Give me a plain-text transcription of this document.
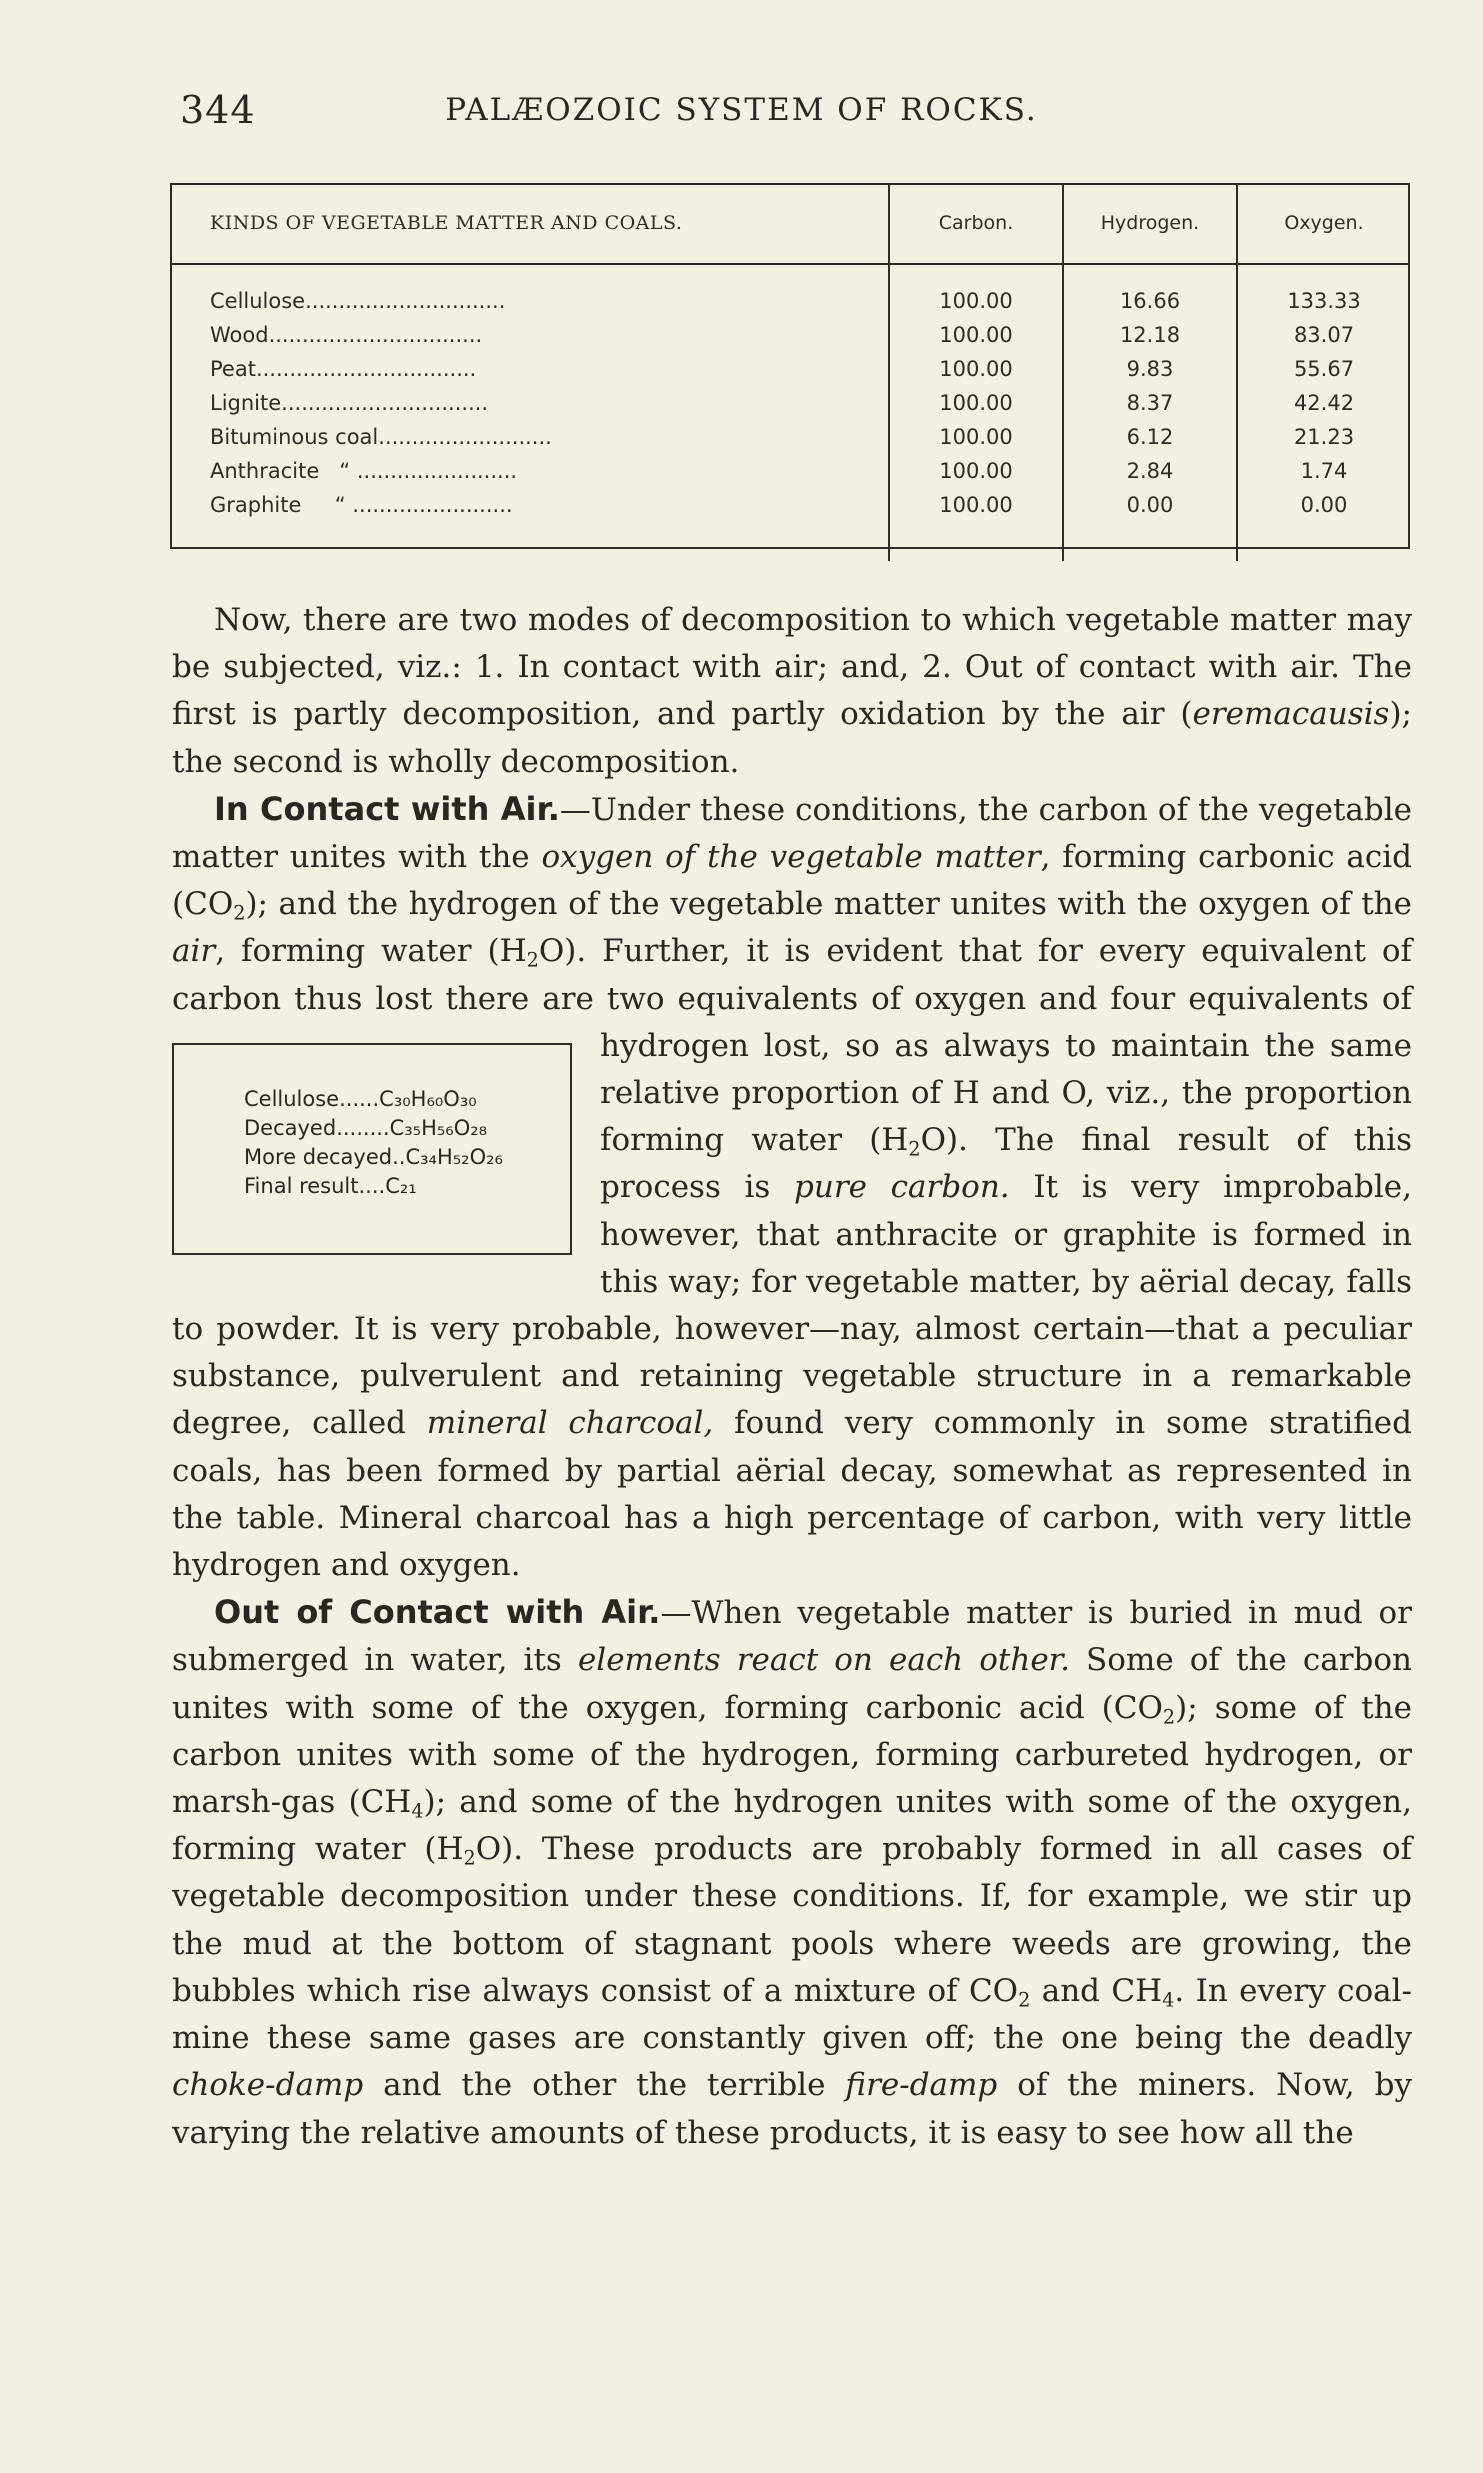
344	PALÆOZOIC SYSTEM OF ROCKS.
KINDS OF VEGETABLE MATTER AND COALS.	Carbon.	Hydrogen.	Oxygen.
Cellulose..............................	100.00	16.66	133.33
Wood................................	100.00	12.18	83.07
Peat.................................	100.00	9.83	55.67
Lignite...............................	100.00	8.37	42.42
Bituminous coal..........................	100.00	6.12	21.23
Anthracite   “ ........................	100.00	2.84	1.74
Graphite     “ ........................	100.00	0.00	0.00

Now, there are two modes of decomposition to which vegetable matter may be subjected, viz.: 1. In contact with air; and, 2. Out of contact with air. The first is partly decomposition, and partly oxidation by the air (eremacausis); the second is wholly decomposition.

In Contact with Air.—Under these conditions, the carbon of the vegetable matter unites with the oxygen of the vegetable matter, forming carbonic acid $(CO_2)$; and the hydrogen of the vegetable matter unites with the oxygen of the air, forming water $(H_2O)$. Further, it is evident that for every equivalent of carbon thus lost there are two equivalents of oxygen and four equivalents of hydrogen lost, so as
Cellulose......C₃₀H₆₀O₃₀
Decayed........C₃₅H₅₆O₂₈
More decayed..C₃₄H₅₂O₂₆
Final result....C₂₁
always to maintain the same relative proportion of H and O, viz., the proportion forming water $(H_2O)$. The final result of this process is pure carbon. It is very improbable, however, that anthracite or graphite is formed in this way; for vegetable matter, by aërial decay, falls to powder. It is very probable, however—nay, almost certain—that a peculiar substance, pulverulent and retaining vegetable structure in a remarkable degree, called mineral charcoal, found very commonly in some stratified coals, has been formed by partial aërial decay, somewhat as represented in the table. Mineral charcoal has a high percentage of carbon, with very little hydrogen and oxygen.

Out of Contact with Air.—When vegetable matter is buried in mud or submerged in water, its elements react on each other. Some of the carbon unites with some of the oxygen, forming carbonic acid $(CO_2)$; some of the carbon unites with some of the hydrogen, forming carbureted hydrogen, or marsh-gas $(CH_4)$; and some of the hydrogen unites with some of the oxygen, forming water $(H_2O)$. These products are probably formed in all cases of vegetable decomposition under these conditions. If, for example, we stir up the mud at the bottom of stagnant pools where weeds are growing, the bubbles which rise always consist of a mixture of $CO_2$ and $CH_4$. In every coal-mine these same gases are constantly given off; the one being the deadly choke-damp and the other the terrible fire-damp of the miners. Now, by varying the relative amounts of these products, it is easy to see how all the
